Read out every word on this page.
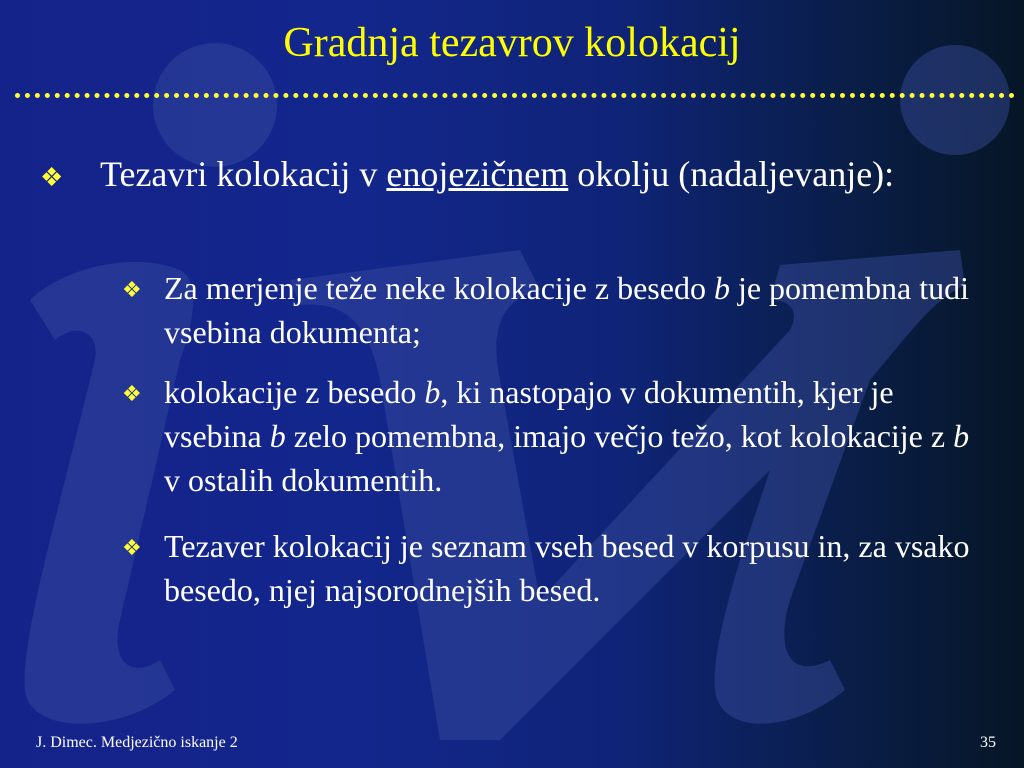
Gradnja tezavrov kolokacij
❖ Tezavri kolokacij v enojezičnem okolju (nadaljevanje):
❖ Za merjenje teže neke kolokacije z besedo b je pomembna tudi vsebina dokumenta;
❖ kolokacije z besedo b, ki nastopajo v dokumentih, kjer je vsebina b zelo pomembna, imajo večjo težo, kot kolokacije z b v ostalih dokumentih.
❖ Tezaver kolokacij je seznam vseh besed v korpusu in, za vsako besedo, njej najsorodnejših besed.
J. Dimec. Medjezično iskanje 2	35
